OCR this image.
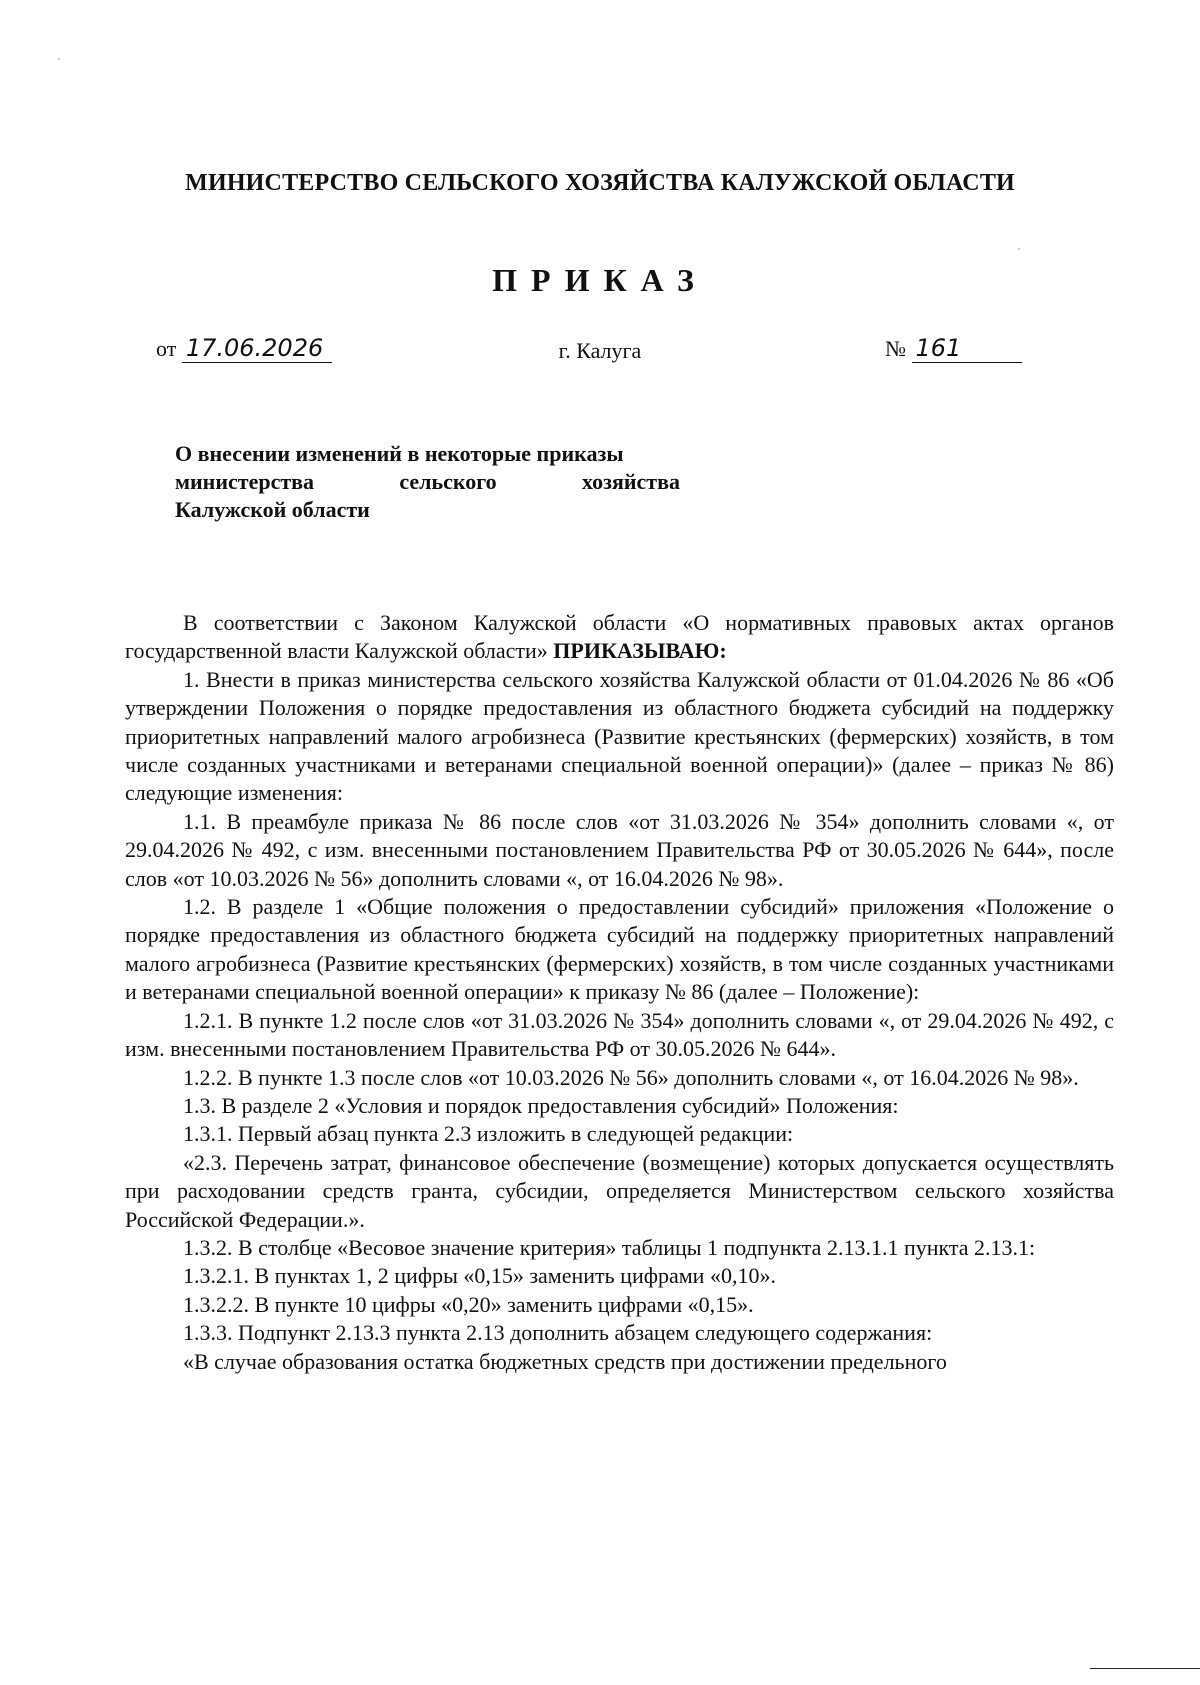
МИНИСТЕРСТВО СЕЛЬСКОГО ХОЗЯЙСТВА КАЛУЖСКОЙ ОБЛАСТИ
ПРИКАЗ
от 17.06.2026	г. Калуга	№ 161
О внесении изменений в некоторые приказы
министерства сельского хозяйства
Калужской области

В соответствии с Законом Калужской области «О нормативных правовых актах органов государственной власти Калужской области» ПРИКАЗЫВАЮ:

1. Внести в приказ министерства сельского хозяйства Калужской области от 01.04.2026 № 86 «Об утверждении Положения о порядке предоставления из областного бюджета субсидий на поддержку приоритетных направлений малого агробизнеса (Развитие крестьянских (фермерских) хозяйств, в том числе созданных участниками и ветеранами специальной военной операции)» (далее – приказ № 86) следующие изменения:

1.1. В преамбуле приказа № 86 после слов «от 31.03.2026 № 354» дополнить словами «, от 29.04.2026 № 492, с изм. внесенными постановлением Правительства РФ от 30.05.2026 № 644», после слов «от 10.03.2026 № 56» дополнить словами «, от 16.04.2026 № 98».

1.2. В разделе 1 «Общие положения о предоставлении субсидий» приложения «Положение о порядке предоставления из областного бюджета субсидий на поддержку приоритетных направлений малого агробизнеса (Развитие крестьянских (фермерских) хозяйств, в том числе созданных участниками и ветеранами специальной военной операции» к приказу № 86 (далее – Положение):

1.2.1. В пункте 1.2 после слов «от 31.03.2026 № 354» дополнить словами «, от 29.04.2026 № 492, с изм. внесенными постановлением Правительства РФ от 30.05.2026 № 644».

1.2.2. В пункте 1.3 после слов «от 10.03.2026 № 56» дополнить словами «, от 16.04.2026 № 98».

1.3. В разделе 2 «Условия и порядок предоставления субсидий» Положения:

1.3.1. Первый абзац пункта 2.3 изложить в следующей редакции:

«2.3. Перечень затрат, финансовое обеспечение (возмещение) которых допускается осуществлять при расходовании средств гранта, субсидии, определяется Министерством сельского хозяйства Российской Федерации.».

1.3.2. В столбце «Весовое значение критерия» таблицы 1 подпункта 2.13.1.1 пункта 2.13.1:

1.3.2.1. В пунктах 1, 2 цифры «0,15» заменить цифрами «0,10».

1.3.2.2. В пункте 10 цифры «0,20» заменить цифрами «0,15».

1.3.3. Подпункт 2.13.3 пункта 2.13 дополнить абзацем следующего содержания:

«В случае образования остатка бюджетных средств при достижении предельного
